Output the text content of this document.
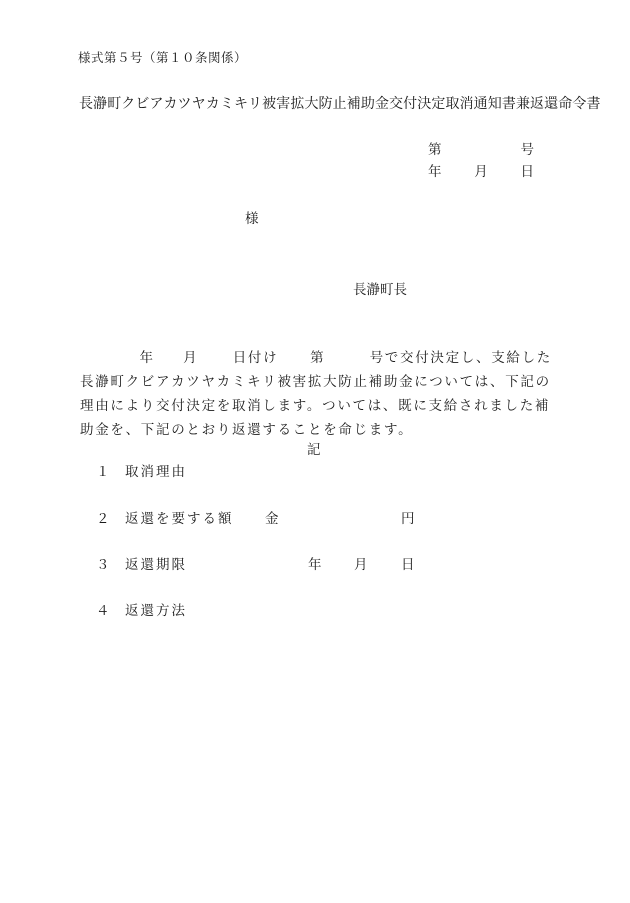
様式第５号（第１０条関係）
長瀞町クビアカツヤカミキリ被害拡大防止補助金交付決定取消通知書兼返還命令書
第	号
年 月 日
様
長瀞町長
年	月	日付け	第	号で交付決定し、支給した
長瀞町クビアカツヤカミキリ被害拡大防止補助金については、下記の
理由により交付決定を取消します。ついては、既に支給されました補
助金を、下記のとおり返還することを命じます。
記
１	取消理由
２	返還を要する額	金	円
３	返還期限	年	月	日
４	返還方法
